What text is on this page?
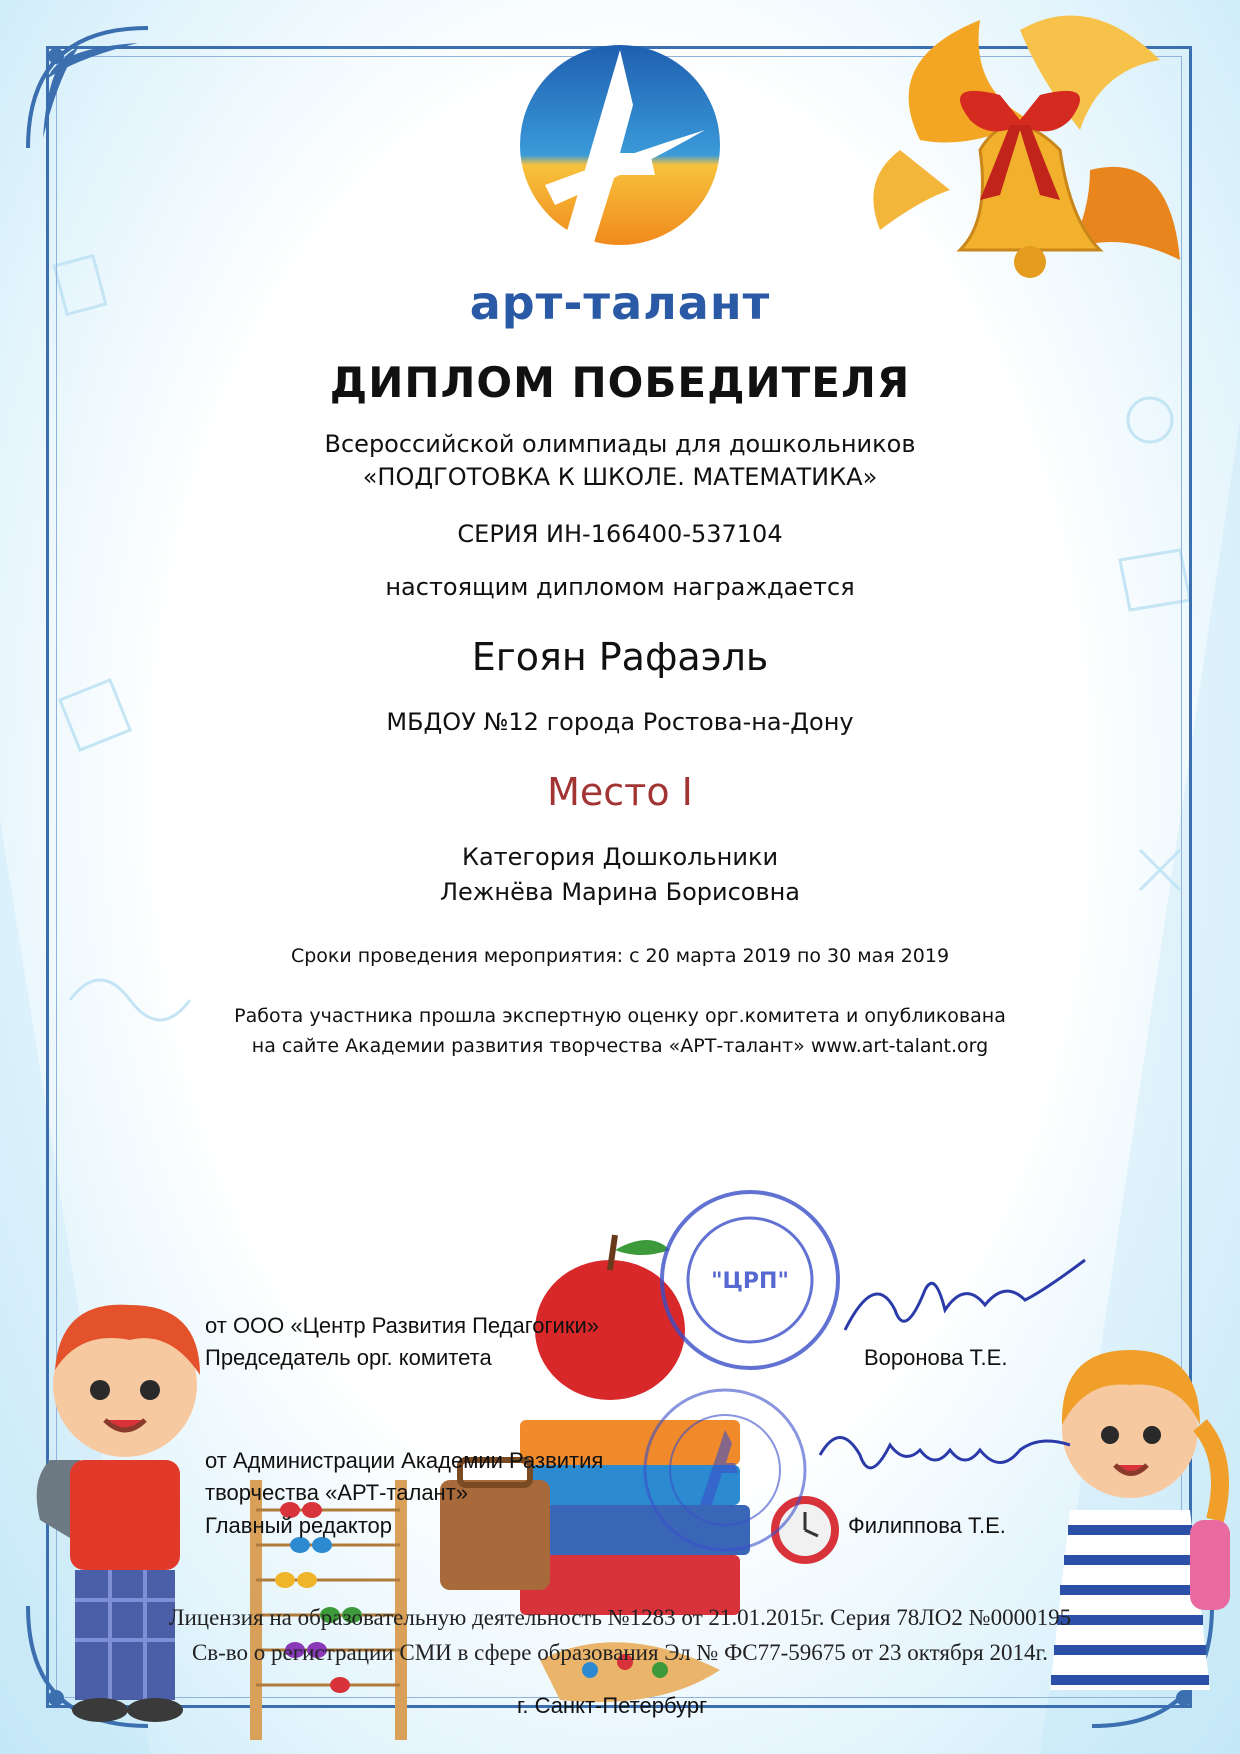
арт-талант
ДИПЛОМ ПОБЕДИТЕЛЯ
Всероссийской олимпиады для дошкольников
«ПОДГОТОВКА К ШКОЛЕ. МАТЕМАТИКА»
СЕРИЯ ИН-166400-537104
настоящим дипломом награждается
Егоян Рафаэль
МБДОУ №12 города Ростова-на-Дону
Место I
Категория Дошкольники
Лежнёва Марина Борисовна
Сроки проведения мероприятия: с 20 марта 2019 по 30 мая 2019
Работа участника прошла экспертную оценку орг.комитета и опубликована
на сайте Академии развития творчества «АРТ-талант» www.art-talant.org
"ЦРП"
от ООО «Центр Развития Педагогики»
Председатель орг. комитета	Воронова Т.Е.
от Администрации Академии Развития
творчества «АРТ-талант»
Главный редактор	Филиппова Т.Е.
Лицензия на образовательную деятельность №1283 от 21.01.2015г. Серия 78ЛО2 №0000195
Св-во о регистрации СМИ в сфере образования Эл № ФС77-59675 от 23 октября 2014г.
г. Санкт-Петербург
